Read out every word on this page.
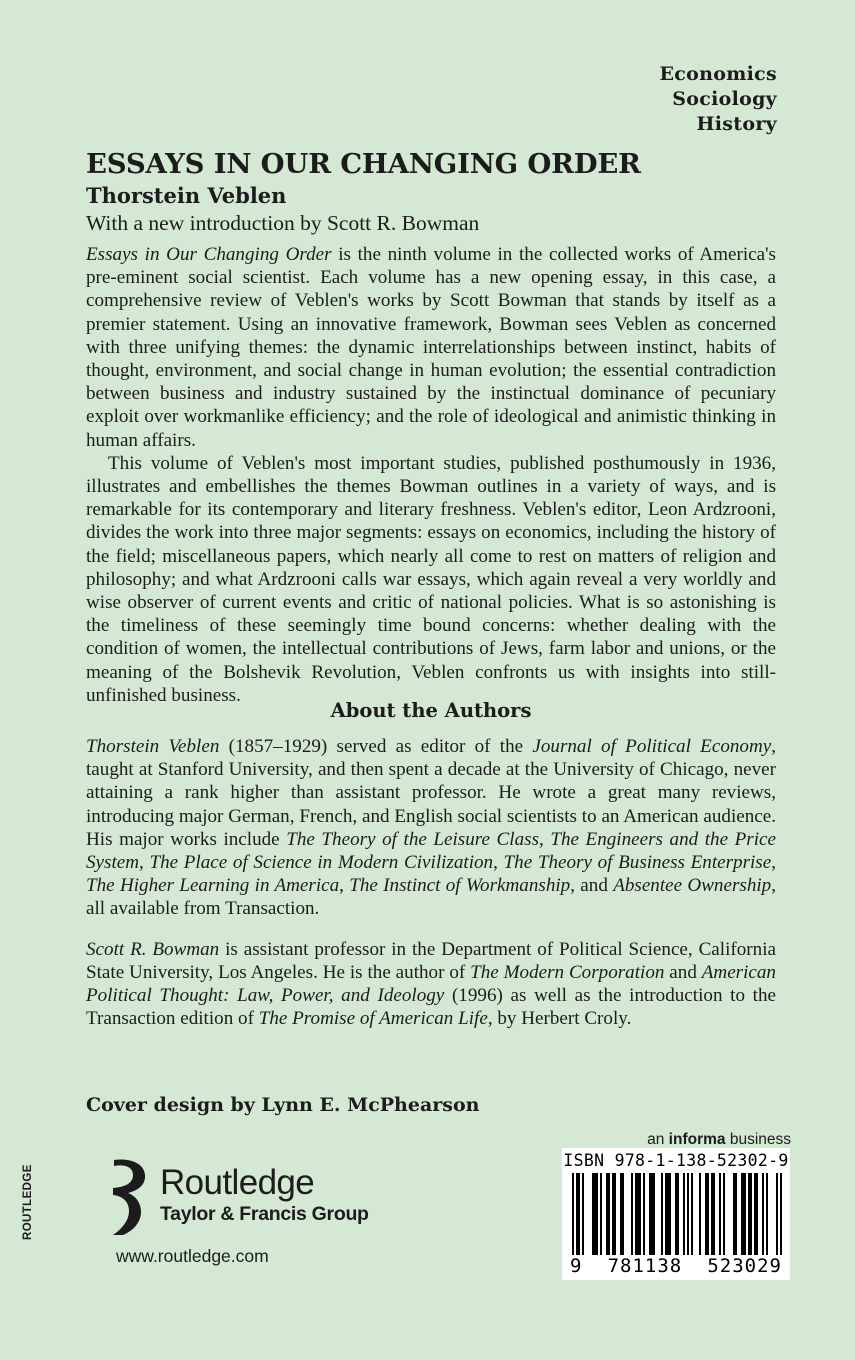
Economics
Sociology
History
ESSAYS IN OUR CHANGING ORDER
Thorstein Veblen
With a new introduction by Scott R. Bowman

Essays in Our Changing Order is the ninth volume in the collected works of America's pre-eminent social scientist. Each volume has a new opening essay, in this case, a comprehensive review of Veblen's works by Scott Bowman that stands by itself as a premier statement. Using an innovative framework, Bowman sees Veblen as concerned with three unifying themes: the dynamic interrelationships between instinct, habits of thought, environment, and social change in human evolution; the essential contradiction between business and industry sustained by the instinctual dominance of pecuniary exploit over workmanlike efficiency; and the role of ideological and animistic thinking in human affairs.

This volume of Veblen's most important studies, published posthumously in 1936, illustrates and embellishes the themes Bowman outlines in a variety of ways, and is remarkable for its contemporary and literary freshness. Veblen's editor, Leon Ardzrooni, divides the work into three major segments: essays on economics, including the history of the field; miscellaneous papers, which nearly all come to rest on matters of religion and philosophy; and what Ardzrooni calls war essays, which again reveal a very worldly and wise observer of current events and critic of national policies. What is so astonishing is the timeliness of these seemingly time bound concerns: whether dealing with the condition of women, the intellectual contributions of Jews, farm labor and unions, or the meaning of the Bolshevik Revolution, Veblen confronts us with insights into still-unfinished business.

About the Authors

Thorstein Veblen (1857–1929) served as editor of the Journal of Political Economy, taught at Stanford University, and then spent a decade at the University of Chicago, never attaining a rank higher than assistant professor. He wrote a great many reviews, introducing major German, French, and English social scientists to an American audience. His major works include The Theory of the Leisure Class, The Engineers and the Price System, The Place of Science in Modern Civilization, The Theory of Business Enterprise, The Higher Learning in America, The Instinct of Workmanship, and Absentee Ownership, all available from Transaction.

Scott R. Bowman is assistant professor in the Department of Political Science, California State University, Los Angeles. He is the author of The Modern Corporation and American Political Thought: Law, Power, and Ideology (1996) as well as the introduction to the Transaction edition of The Promise of American Life, by Herbert Croly.

Cover design by Lynn E. McPhearson
ROUTLEDGE	Routledge
Taylor & Francis Group
www.routledge.com
an informa business
ISBN 978-1-138-52302-9
9 781138 523029
